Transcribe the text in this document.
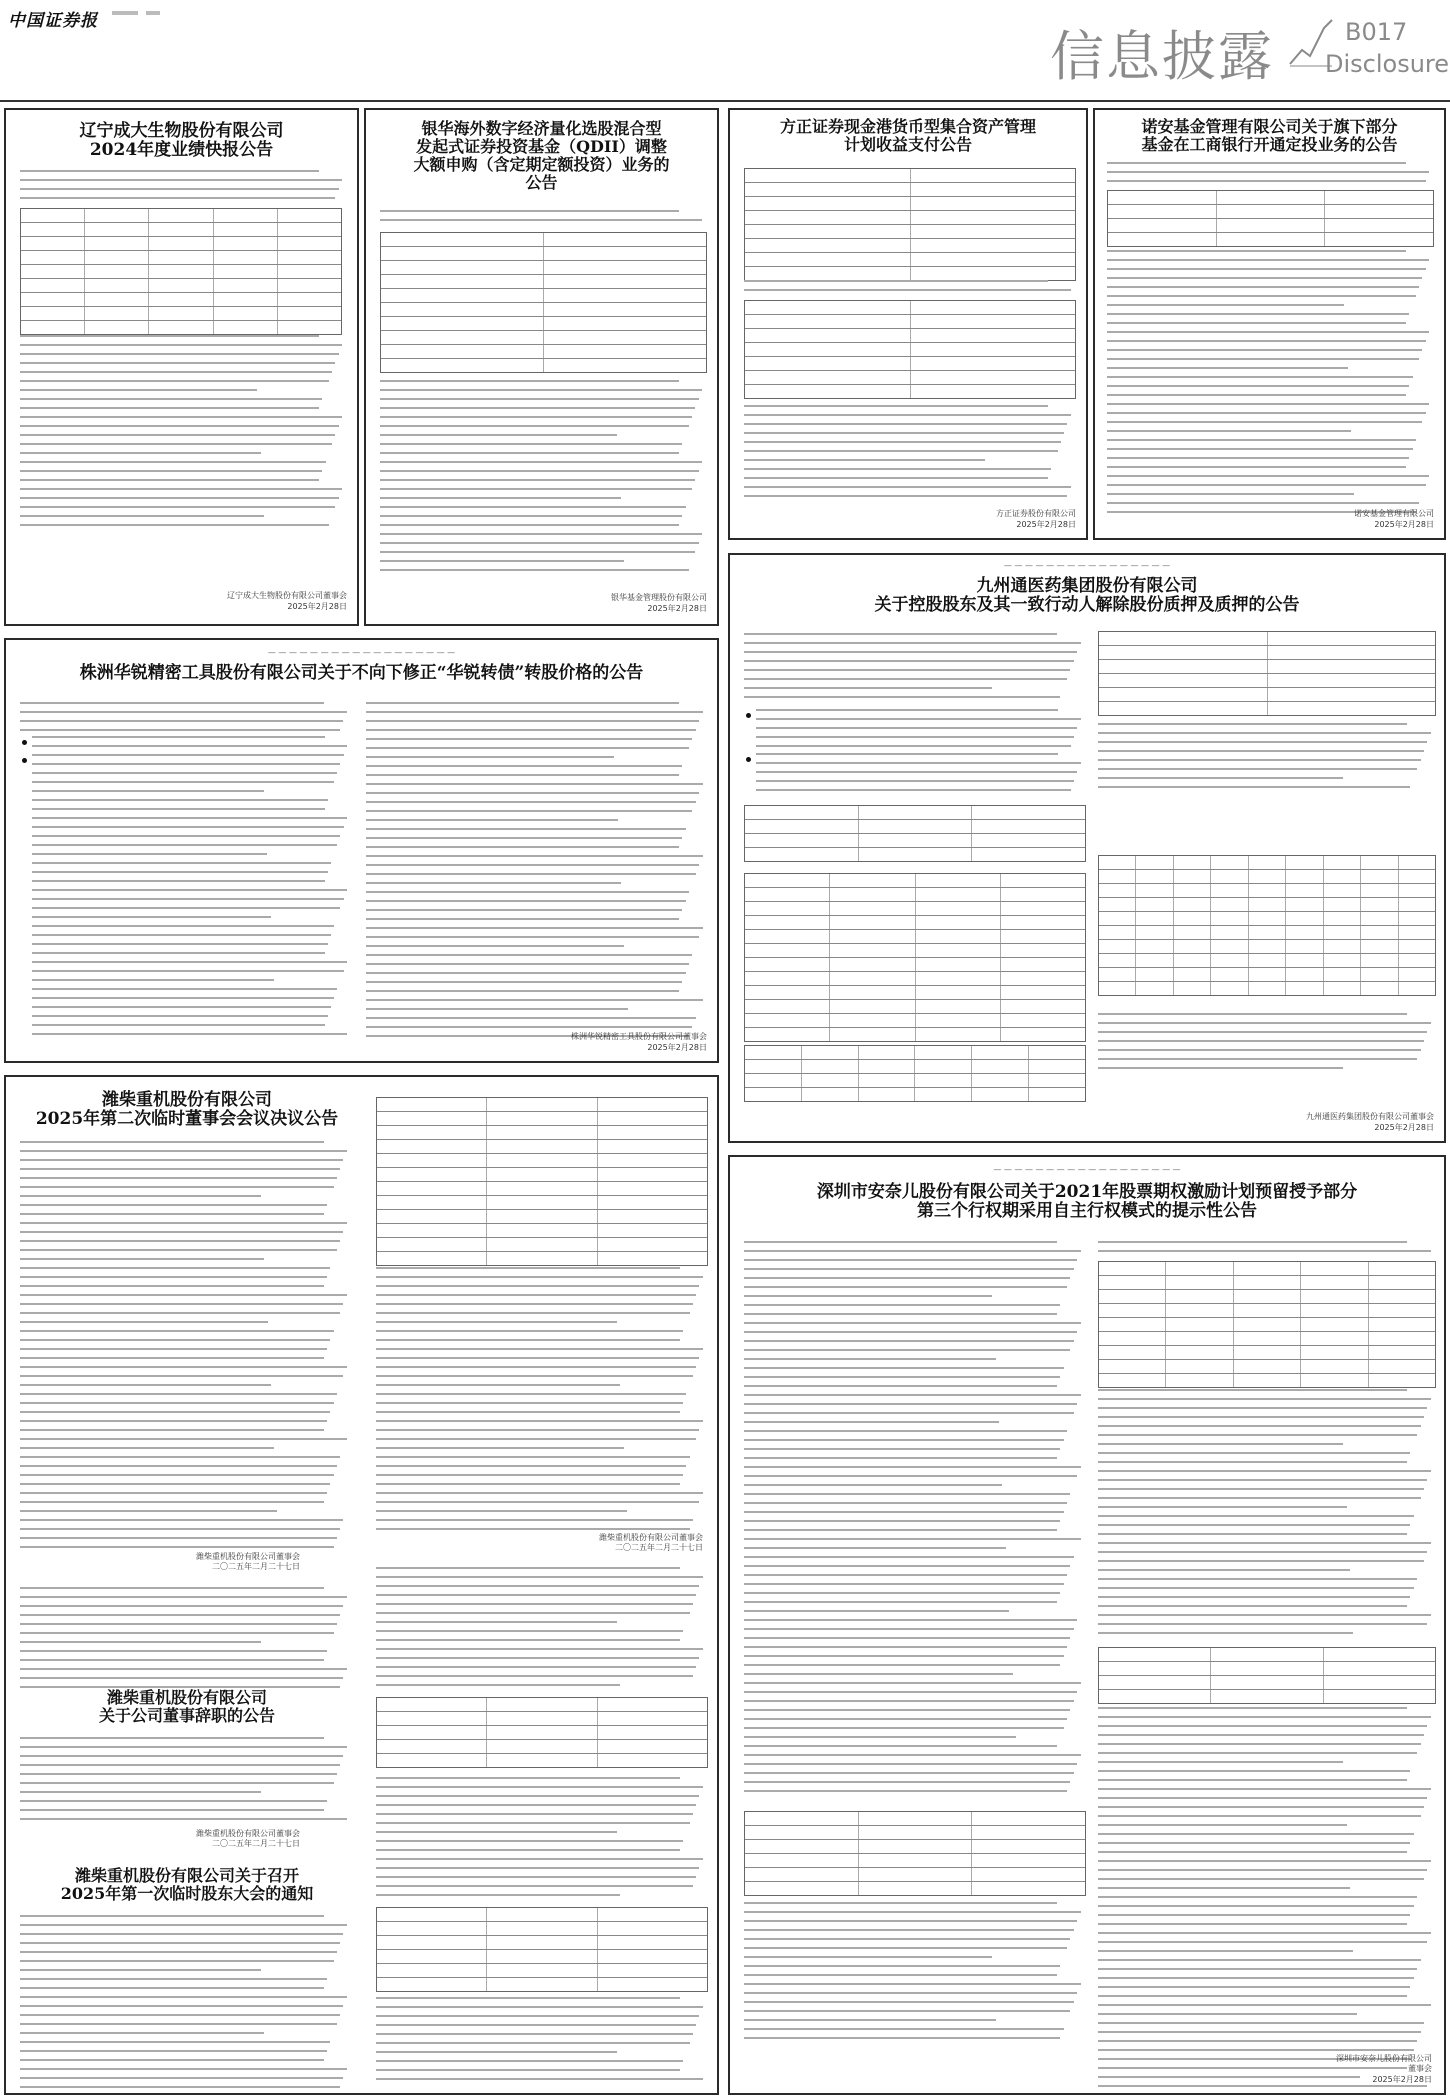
中国证券报
信息披露	B017
Disclosure
辽宁成大生物股份有限公司
2024年度业绩快报公告
辽宁成大生物股份有限公司董事会
2025年2月28日
银华海外数字经济量化选股混合型
发起式证券投资基金（QDII）调整
大额申购（含定期定额投资）业务的
公告
银华基金管理股份有限公司
2025年2月28日
方正证券现金港货币型集合资产管理
计划收益支付公告
方正证券股份有限公司
2025年2月28日
诺安基金管理有限公司关于旗下部分
基金在工商银行开通定投业务的公告
诺安基金管理有限公司
2025年2月28日
— — — — — — — — — — — — — — — —
九州通医药集团股份有限公司
关于控股股东及其一致行动人解除股份质押及质押的公告
九州通医药集团股份有限公司董事会
2025年2月28日
— — — — — — — — — — — — — — — — — —
株洲华锐精密工具股份有限公司关于不向下修正“华锐转债”转股价格的公告
株洲华锐精密工具股份有限公司董事会
2025年2月28日
潍柴重机股份有限公司
2025年第二次临时董事会会议决议公告
潍柴重机股份有限公司董事会
二〇二五年二月二十七日
潍柴重机股份有限公司
关于公司董事辞职的公告
潍柴重机股份有限公司董事会
二〇二五年二月二十七日
潍柴重机股份有限公司关于召开
2025年第一次临时股东大会的通知
潍柴重机股份有限公司董事会
二〇二五年二月二十七日
— — — — — — — — — — — — — — — — — —
深圳市安奈儿股份有限公司关于2021年股票期权激励计划预留授予部分
第三个行权期采用自主行权模式的提示性公告
深圳市安奈儿股份有限公司
董事会
2025年2月28日
